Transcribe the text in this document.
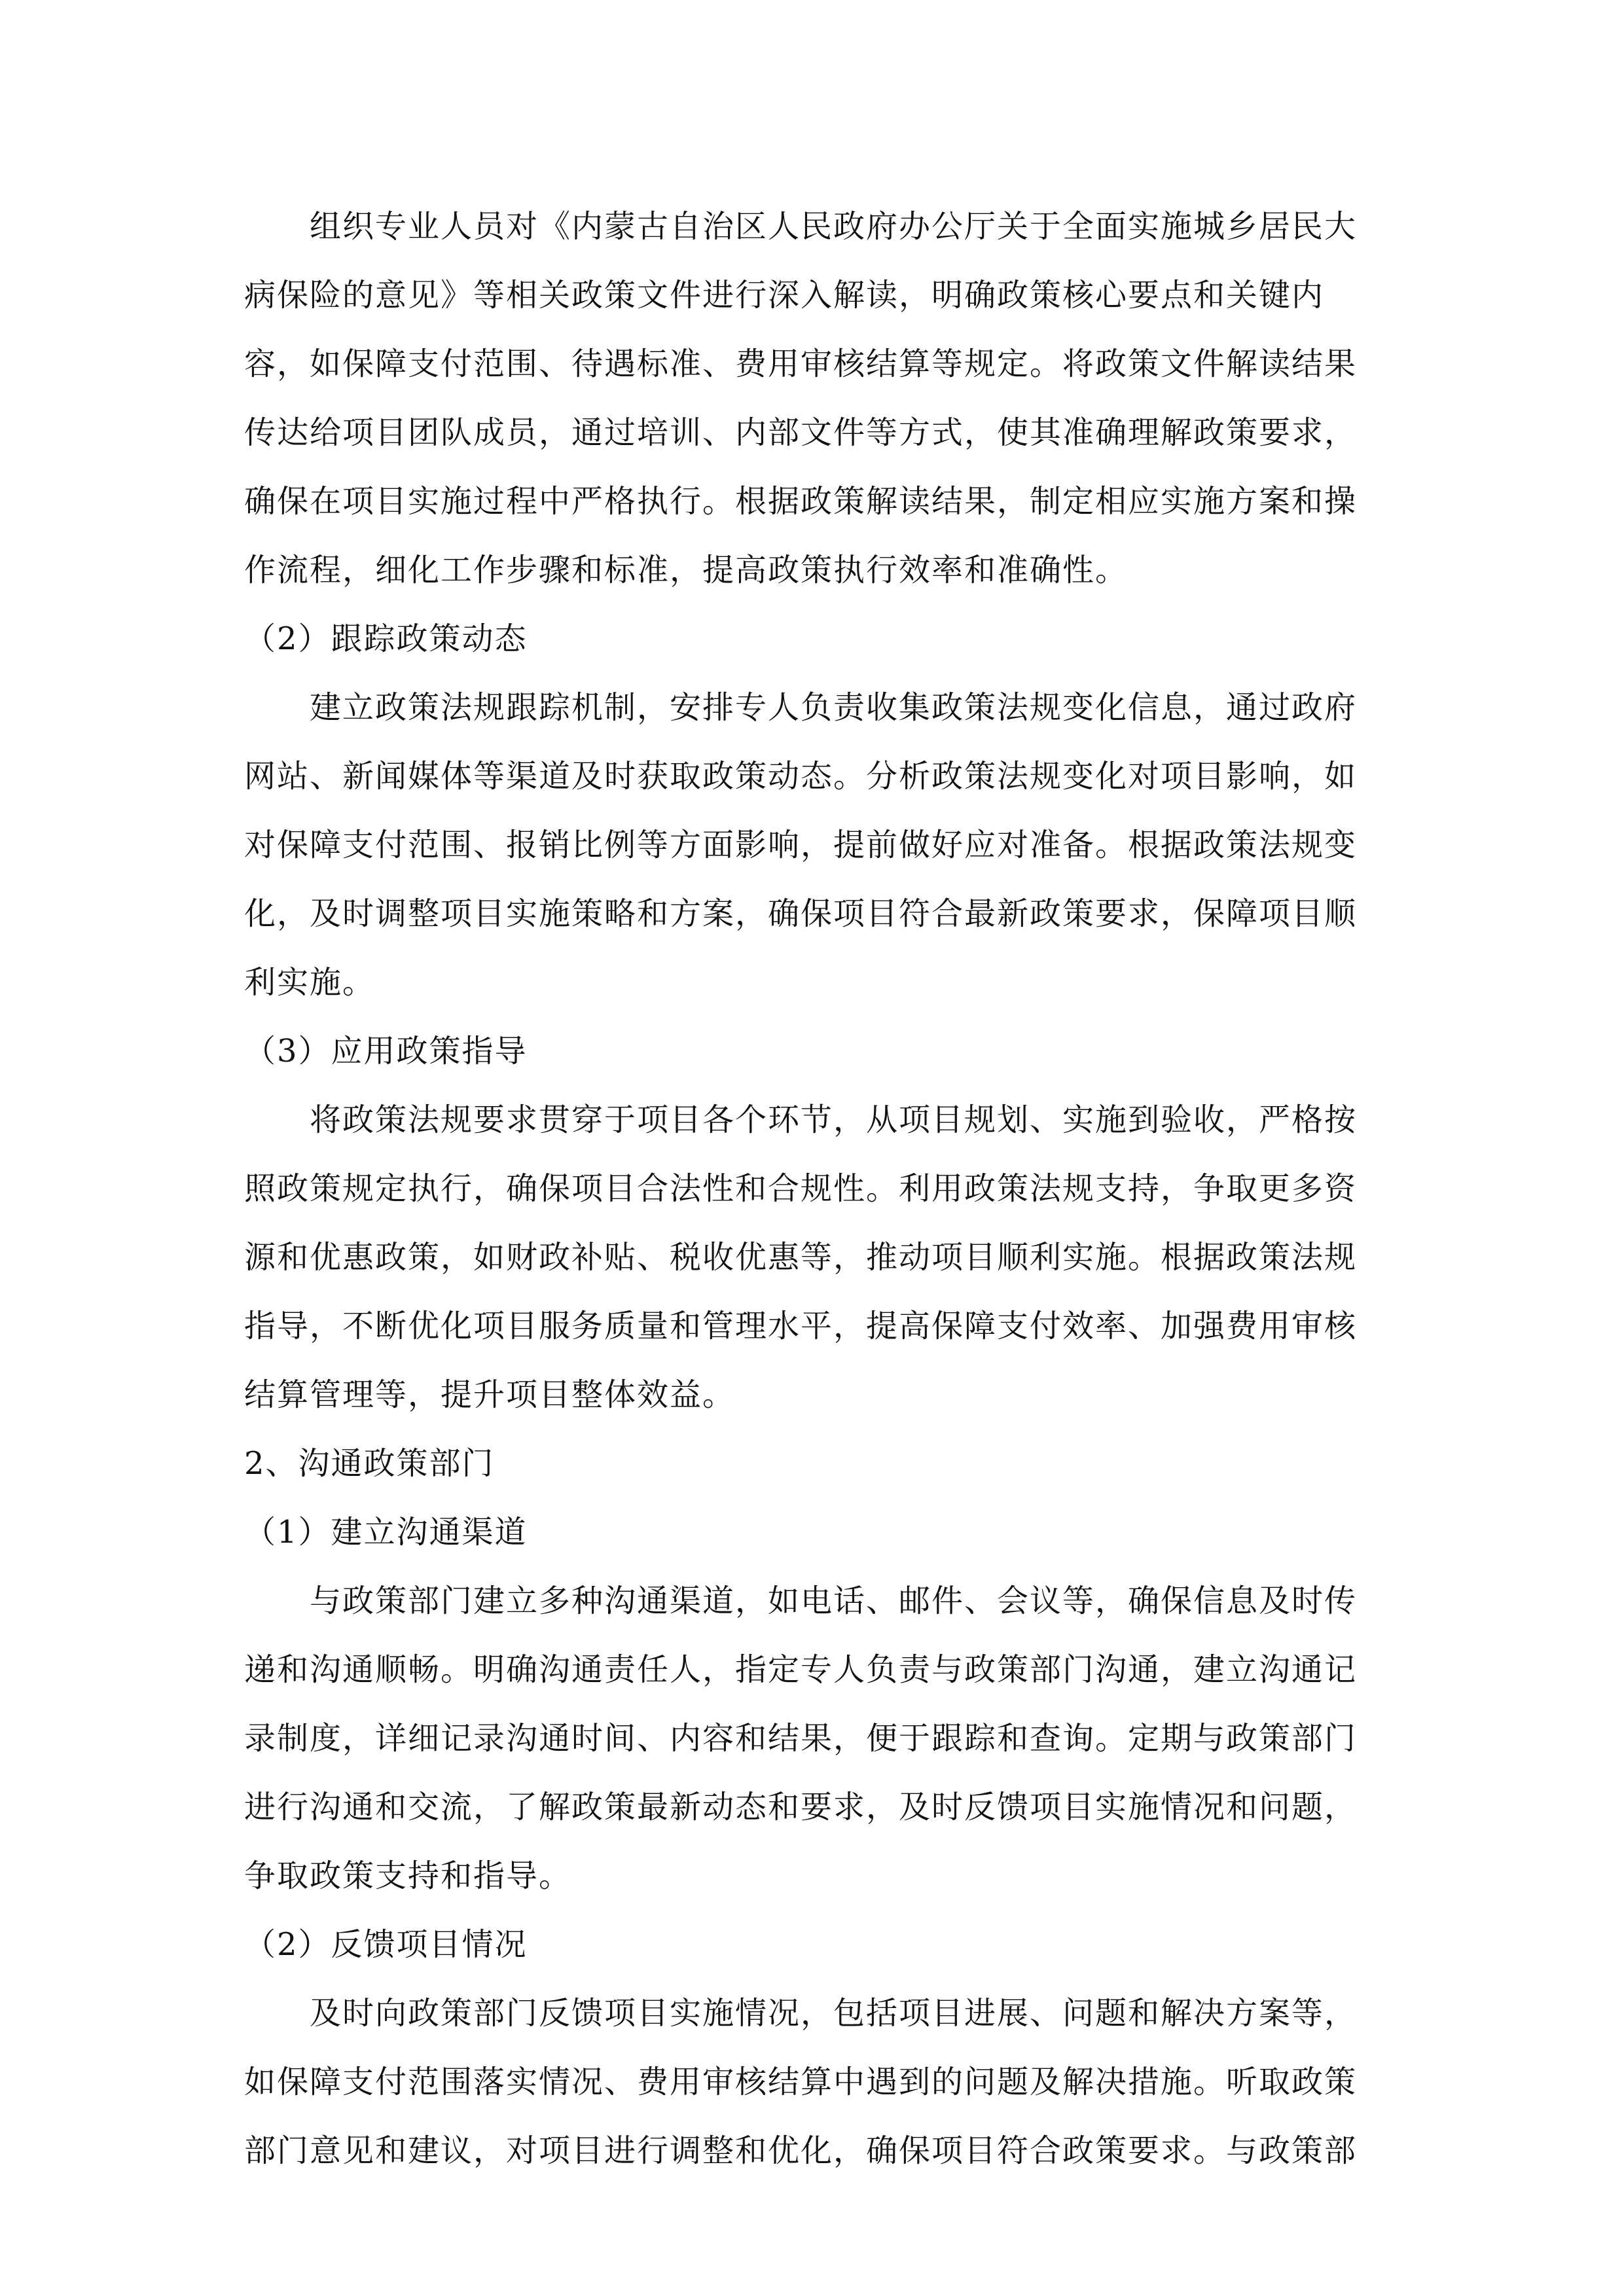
组织专业人员对《内蒙古自治区人民政府办公厅关于全面实施城乡居民大
病保险的意见》等相关政策文件进行深入解读，明确政策核心要点和关键内
容，如保障支付范围、待遇标准、费用审核结算等规定。将政策文件解读结果
传达给项目团队成员，通过培训、内部文件等方式，使其准确理解政策要求，
确保在项目实施过程中严格执行。根据政策解读结果，制定相应实施方案和操
作流程，细化工作步骤和标准，提高政策执行效率和准确性。
（2）跟踪政策动态
建立政策法规跟踪机制，安排专人负责收集政策法规变化信息，通过政府
网站、新闻媒体等渠道及时获取政策动态。分析政策法规变化对项目影响，如
对保障支付范围、报销比例等方面影响，提前做好应对准备。根据政策法规变
化，及时调整项目实施策略和方案，确保项目符合最新政策要求，保障项目顺
利实施。
（3）应用政策指导
将政策法规要求贯穿于项目各个环节，从项目规划、实施到验收，严格按
照政策规定执行，确保项目合法性和合规性。利用政策法规支持，争取更多资
源和优惠政策，如财政补贴、税收优惠等，推动项目顺利实施。根据政策法规
指导，不断优化项目服务质量和管理水平，提高保障支付效率、加强费用审核
结算管理等，提升项目整体效益。
2、沟通政策部门
（1）建立沟通渠道
与政策部门建立多种沟通渠道，如电话、邮件、会议等，确保信息及时传
递和沟通顺畅。明确沟通责任人，指定专人负责与政策部门沟通，建立沟通记
录制度，详细记录沟通时间、内容和结果，便于跟踪和查询。定期与政策部门
进行沟通和交流，了解政策最新动态和要求，及时反馈项目实施情况和问题，
争取政策支持和指导。
（2）反馈项目情况
及时向政策部门反馈项目实施情况，包括项目进展、问题和解决方案等，
如保障支付范围落实情况、费用审核结算中遇到的问题及解决措施。听取政策
部门意见和建议，对项目进行调整和优化，确保项目符合政策要求。与政策部
